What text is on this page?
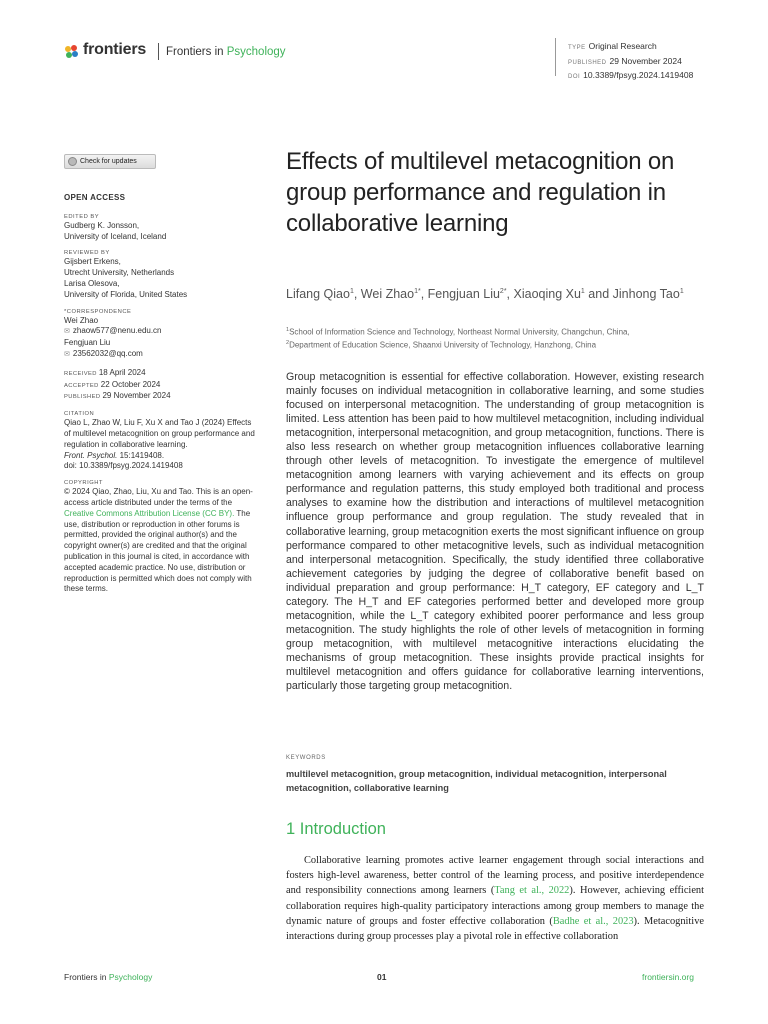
frontiers Frontiers in Psychology	TYPE Original Research
PUBLISHED 29 November 2024
DOI 10.3389/fpsyg.2024.1419408
Check for updates
OPEN ACCESS
EDITED BY
Gudberg K. Jonsson,
University of Iceland, Iceland
REVIEWED BY
Gijsbert Erkens,
Utrecht University, Netherlands
Larisa Olesova,
University of Florida, United States
*CORRESPONDENCE
Wei Zhao
✉ zhaow577@nenu.edu.cn
Fengjuan Liu
✉ 23562032@qq.com
RECEIVED 18 April 2024
ACCEPTED 22 October 2024
PUBLISHED 29 November 2024
CITATION
Qiao L, Zhao W, Liu F, Xu X and Tao J (2024) Effects of multilevel metacognition on group performance and regulation in collaborative learning.
Front. Psychol. 15:1419408.
doi: 10.3389/fpsyg.2024.1419408
COPYRIGHT
© 2024 Qiao, Zhao, Liu, Xu and Tao. This is an open-access article distributed under the terms of the Creative Commons Attribution License (CC BY). The use, distribution or reproduction in other forums is permitted, provided the original author(s) and the copyright owner(s) are credited and that the original publication in this journal is cited, in accordance with accepted academic practice. No use, distribution or reproduction is permitted which does not comply with these terms.
Effects of multilevel metacognition on group performance and regulation in collaborative learning
Lifang Qiao$^1$, Wei Zhao$^{1*}$, Fengjuan Liu$^{2*}$, Xiaoqing Xu$^1$ and Jinhong Tao$^1$
$^1$School of Information Science and Technology, Northeast Normal University, Changchun, China,
$^2$Department of Education Science, Shaanxi University of Technology, Hanzhong, China
Group metacognition is essential for effective collaboration. However, existing research mainly focuses on individual metacognition in collaborative learning, and some studies focused on interpersonal metacognition. The understanding of group metacognition is limited. Less attention has been paid to how multilevel metacognition, including individual metacognition, interpersonal metacognition, and group metacognition, functions. There is also less research on whether group metacognition influences collaborative learning through other levels of metacognition. To investigate the emergence of multilevel metacognition among learners with varying achievement and its effects on group performance and regulation patterns, this study employed both traditional and process analyses to examine how the distribution and interactions of multilevel metacognition influence group performance and group regulation. The study revealed that in collaborative learning, group metacognition exerts the most significant influence on group performance compared to other metacognitive levels, such as individual metacognition and interpersonal metacognition. Specifically, the study identified three collaborative achievement categories by judging the degree of collaborative benefit based on individual preparation and group performance: H_T category, EF category and L_T category. The H_T and EF categories performed better and developed more group metacognition, while the L_T category exhibited poorer performance and less group metacognition. The study highlights the role of other levels of metacognition in forming group metacognition, with multilevel metacognitive interactions elucidating the mechanisms of group metacognition. These insights provide practical insights for multilevel metacognition and offers guidance for collaborative learning interventions, particularly those targeting group metacognition.
KEYWORDS
multilevel metacognition, group metacognition, individual metacognition, interpersonal metacognition, collaborative learning
1 Introduction
Collaborative learning promotes active learner engagement through social interactions and fosters high-level awareness, better control of the learning process, and positive interdependence and responsibility connections among learners (Tang et al., 2022). However, achieving efficient collaboration requires high-quality participatory interactions among group members to manage the dynamic nature of groups and foster effective collaboration (Badhe et al., 2023). Metacognitive interactions during group processes play a pivotal role in effective collaboration
Frontiers in Psychology	01	frontiersin.org
